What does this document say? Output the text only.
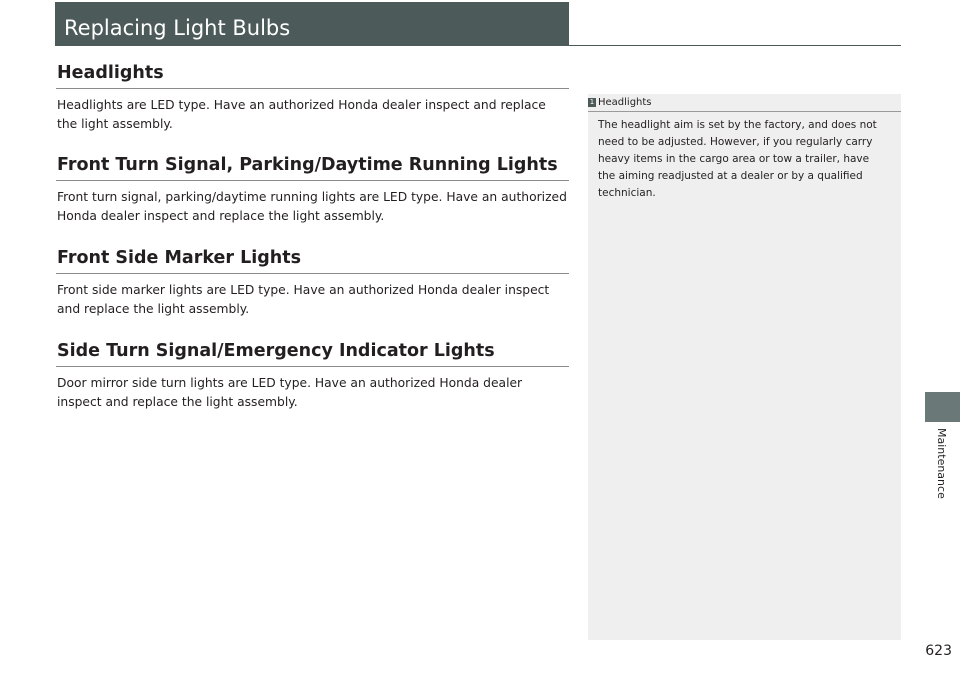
Replacing Light Bulbs
Headlights
Headlights are LED type. Have an authorized Honda dealer inspect and replace the light assembly.
Front Turn Signal, Parking/Daytime Running Lights
Front turn signal, parking/daytime running lights are LED type. Have an authorized Honda dealer inspect and replace the light assembly.
Front Side Marker Lights
Front side marker lights are LED type. Have an authorized Honda dealer inspect and replace the light assembly.
Side Turn Signal/Emergency Indicator Lights
Door mirror side turn lights are LED type. Have an authorized Honda dealer inspect and replace the light assembly.
1 Headlights
The headlight aim is set by the factory, and does not need to be adjusted. However, if you regularly carry heavy items in the cargo area or tow a trailer, have the aiming readjusted at a dealer or by a qualified technician.
Maintenance
623
